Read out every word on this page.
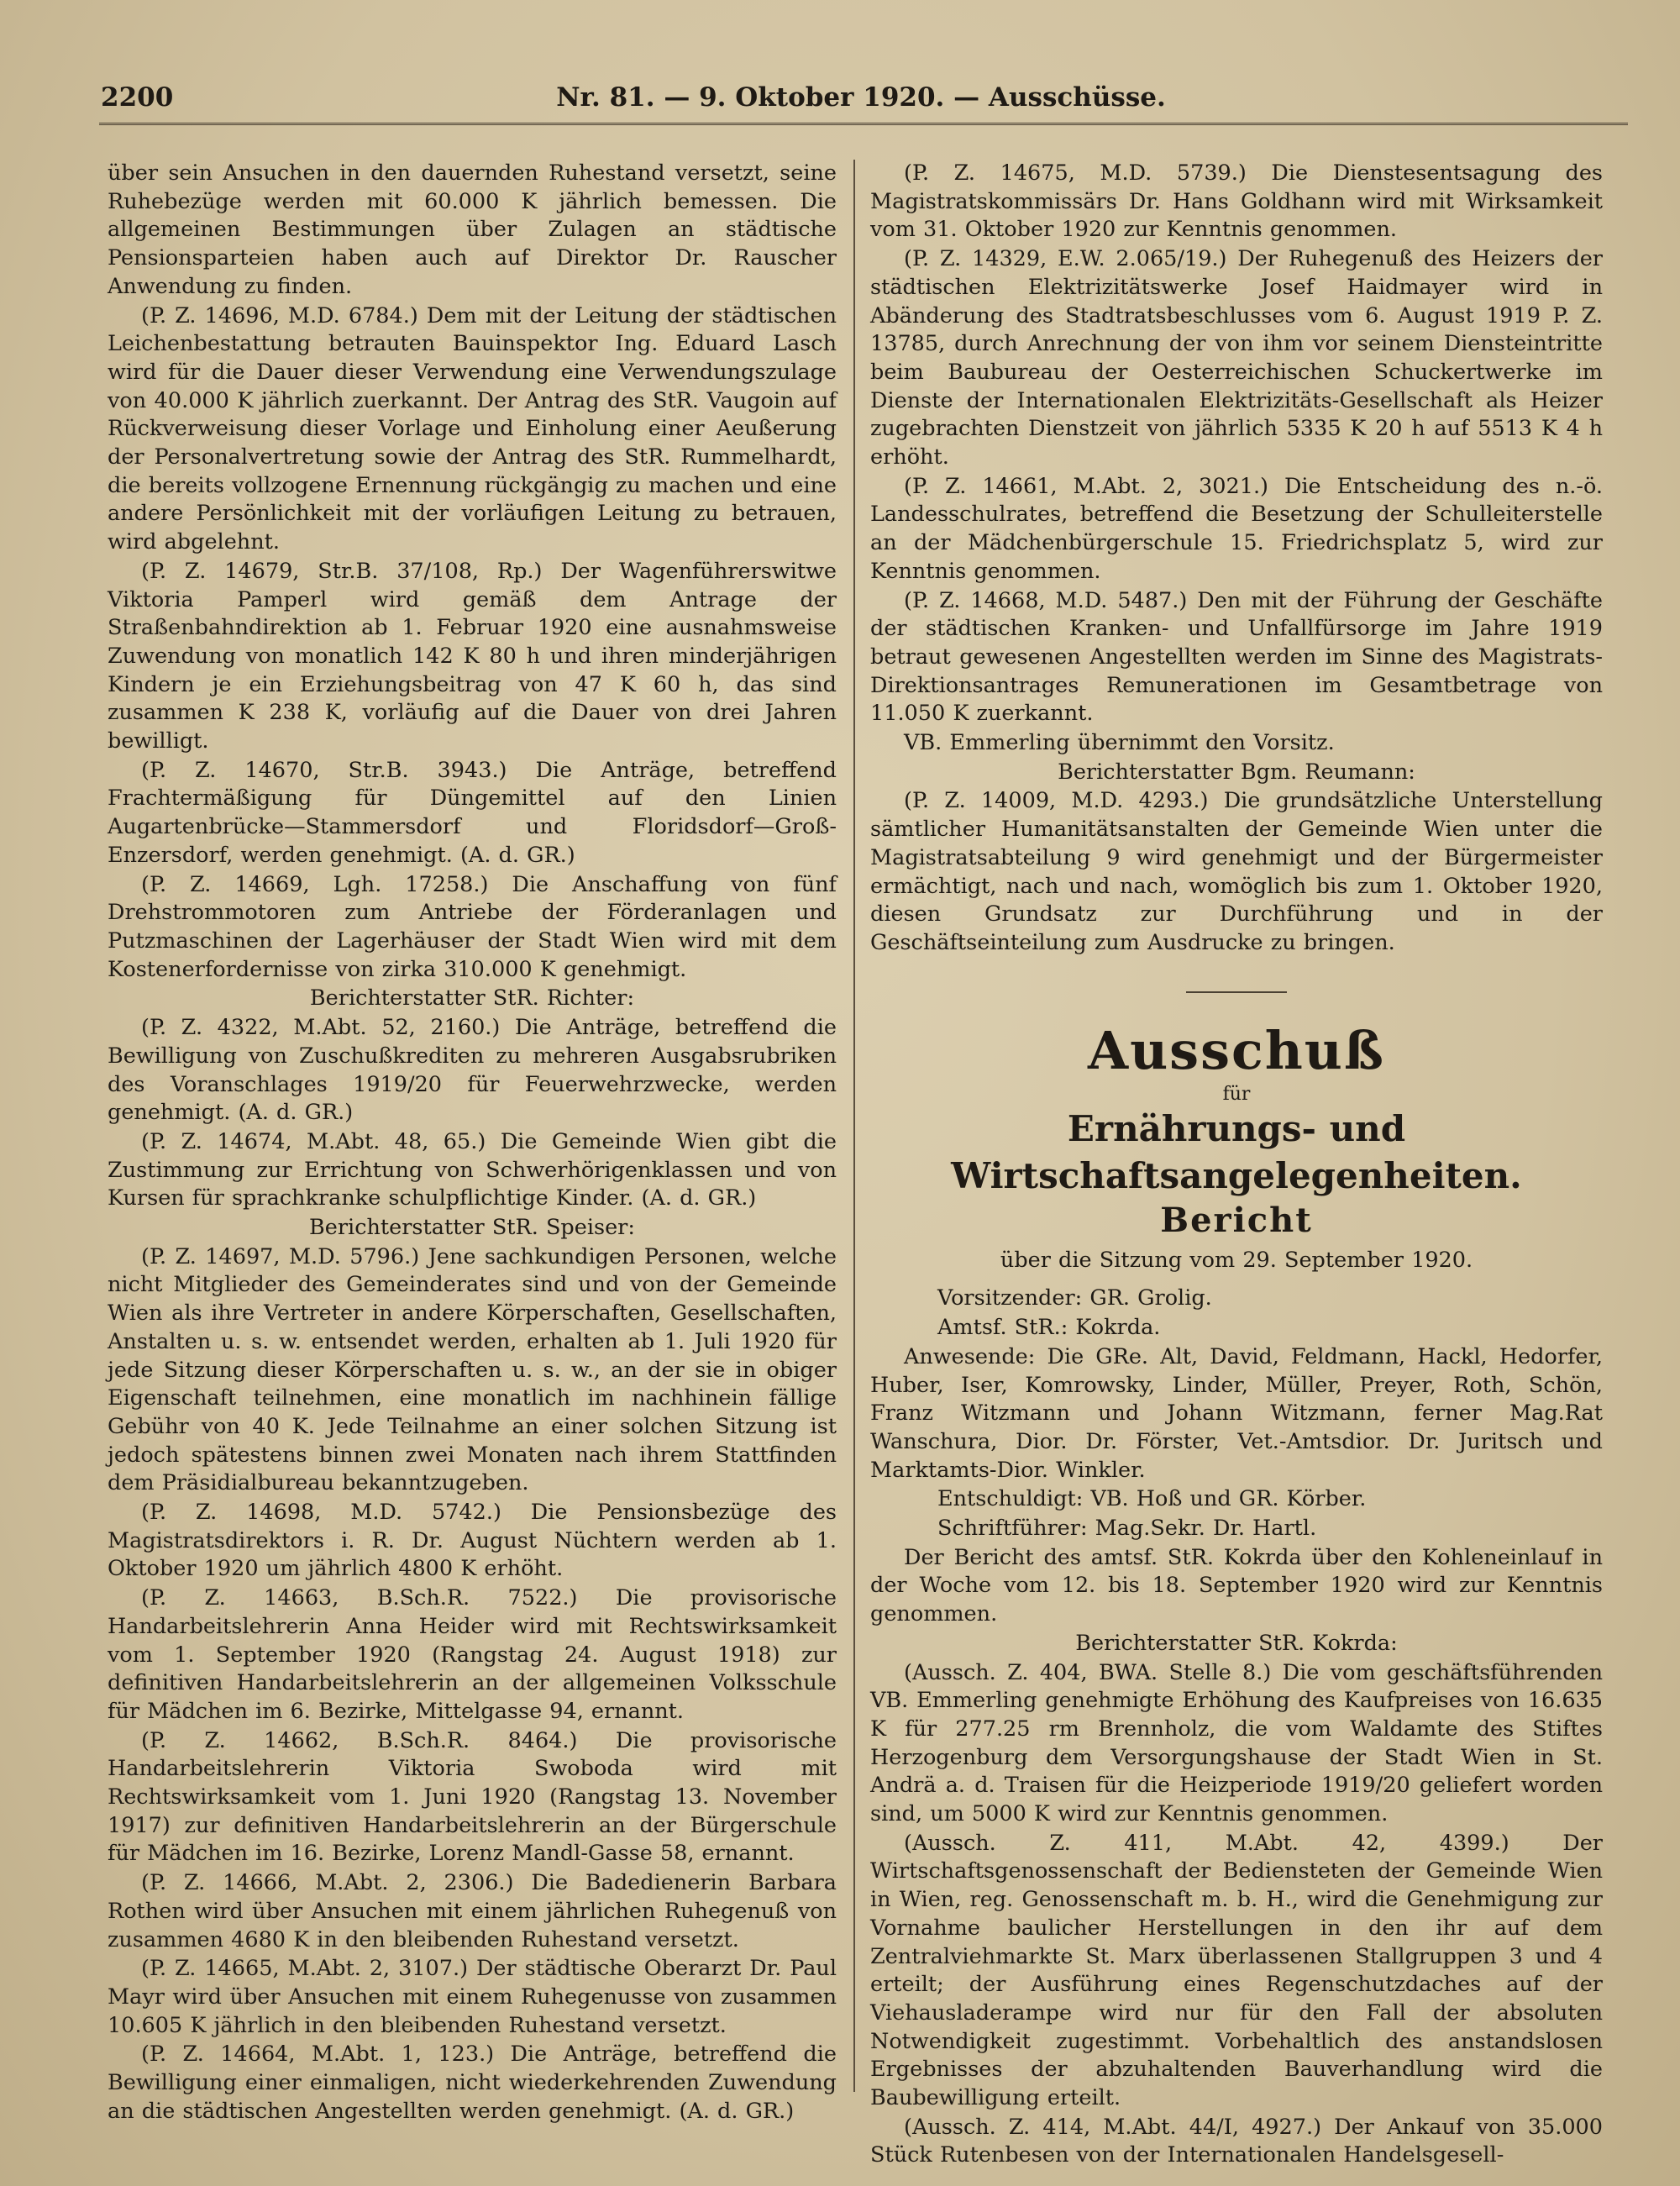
2200	Nr. 81. — 9. Oktober 1920. — Ausschüsse.

über sein Ansuchen in den dauernden Ruhestand versetzt, seine Ruhebezüge werden mit 60.000 K jährlich bemessen. Die allgemeinen Bestimmungen über Zulagen an städtische Pensionsparteien haben auch auf Direktor Dr. Rauscher Anwendung zu finden.

(P. Z. 14696, M.D. 6784.) Dem mit der Leitung der städtischen Leichenbestattung betrauten Bauinspektor Ing. Eduard Lasch wird für die Dauer dieser Verwendung eine Verwendungszulage von 40.000 K jährlich zuerkannt. Der Antrag des StR. Vaugoin auf Rückverweisung dieser Vorlage und Einholung einer Aeußerung der Personalvertretung sowie der Antrag des StR. Rummelhardt, die bereits vollzogene Ernennung rückgängig zu machen und eine andere Persönlichkeit mit der vorläufigen Leitung zu betrauen, wird abgelehnt.

(P. Z. 14679, Str.B. 37/108, Rp.) Der Wagenführerswitwe Viktoria Pamperl wird gemäß dem Antrage der Straßenbahndirektion ab 1. Februar 1920 eine ausnahmsweise Zuwendung von monatlich 142 K 80 h und ihren minderjährigen Kindern je ein Erziehungsbeitrag von 47 K 60 h, das sind zusammen K 238 K, vorläufig auf die Dauer von drei Jahren bewilligt.

(P. Z. 14670, Str.B. 3943.) Die Anträge, betreffend Frachtermäßigung für Düngemittel auf den Linien Augartenbrücke—Stammersdorf und Floridsdorf—Groß-Enzersdorf, werden genehmigt. (A. d. GR.)

(P. Z. 14669, Lgh. 17258.) Die Anschaffung von fünf Drehstrommotoren zum Antriebe der Förderanlagen und Putzmaschinen der Lagerhäuser der Stadt Wien wird mit dem Kostenerfordernisse von zirka 310.000 K genehmigt.

Berichterstatter StR. Richter:

(P. Z. 4322, M.Abt. 52, 2160.) Die Anträge, betreffend die Bewilligung von Zuschußkrediten zu mehreren Ausgabsrubriken des Voranschlages 1919/20 für Feuerwehrzwecke, werden genehmigt. (A. d. GR.)

(P. Z. 14674, M.Abt. 48, 65.) Die Gemeinde Wien gibt die Zustimmung zur Errichtung von Schwerhörigenklassen und von Kursen für sprachkranke schulpflichtige Kinder. (A. d. GR.)

Berichterstatter StR. Speiser:

(P. Z. 14697, M.D. 5796.) Jene sachkundigen Personen, welche nicht Mitglieder des Gemeinderates sind und von der Gemeinde Wien als ihre Vertreter in andere Körperschaften, Gesellschaften, Anstalten u. s. w. entsendet werden, erhalten ab 1. Juli 1920 für jede Sitzung dieser Körperschaften u. s. w., an der sie in obiger Eigenschaft teilnehmen, eine monatlich im nachhinein fällige Gebühr von 40 K. Jede Teilnahme an einer solchen Sitzung ist jedoch spätestens binnen zwei Monaten nach ihrem Stattfinden dem Präsidialbureau bekanntzugeben.

(P. Z. 14698, M.D. 5742.) Die Pensionsbezüge des Magistratsdirektors i. R. Dr. August Nüchtern werden ab 1. Oktober 1920 um jährlich 4800 K erhöht.

(P. Z. 14663, B.Sch.R. 7522.) Die provisorische Handarbeitslehrerin Anna Heider wird mit Rechtswirksamkeit vom 1. September 1920 (Rangstag 24. August 1918) zur definitiven Handarbeitslehrerin an der allgemeinen Volksschule für Mädchen im 6. Bezirke, Mittelgasse 94, ernannt.

(P. Z. 14662, B.Sch.R. 8464.) Die provisorische Handarbeitslehrerin Viktoria Swoboda wird mit Rechtswirksamkeit vom 1. Juni 1920 (Rangstag 13. November 1917) zur definitiven Handarbeitslehrerin an der Bürgerschule für Mädchen im 16. Bezirke, Lorenz Mandl-Gasse 58, ernannt.

(P. Z. 14666, M.Abt. 2, 2306.) Die Badedienerin Barbara Rothen wird über Ansuchen mit einem jährlichen Ruhegenuß von zusammen 4680 K in den bleibenden Ruhestand versetzt.

(P. Z. 14665, M.Abt. 2, 3107.) Der städtische Oberarzt Dr. Paul Mayr wird über Ansuchen mit einem Ruhegenusse von zusammen 10.605 K jährlich in den bleibenden Ruhestand versetzt.

(P. Z. 14664, M.Abt. 1, 123.) Die Anträge, betreffend die Bewilligung einer einmaligen, nicht wiederkehrenden Zuwendung an die städtischen Angestellten werden genehmigt. (A. d. GR.)

(P. Z. 14675, M.D. 5739.) Die Dienstesentsagung des Magistratskommissärs Dr. Hans Goldhann wird mit Wirksamkeit vom 31. Oktober 1920 zur Kenntnis genommen.

(P. Z. 14329, E.W. 2.065/19.) Der Ruhegenuß des Heizers der städtischen Elektrizitätswerke Josef Haidmayer wird in Abänderung des Stadtratsbeschlusses vom 6. August 1919 P. Z. 13785, durch Anrechnung der von ihm vor seinem Diensteintritte beim Baubureau der Oesterreichischen Schuckertwerke im Dienste der Internationalen Elektrizitäts-Gesellschaft als Heizer zugebrachten Dienstzeit von jährlich 5335 K 20 h auf 5513 K 4 h erhöht.

(P. Z. 14661, M.Abt. 2, 3021.) Die Entscheidung des n.-ö. Landesschulrates, betreffend die Besetzung der Schulleiterstelle an der Mädchenbürgerschule 15. Friedrichsplatz 5, wird zur Kenntnis genommen.

(P. Z. 14668, M.D. 5487.) Den mit der Führung der Geschäfte der städtischen Kranken- und Unfallfürsorge im Jahre 1919 betraut gewesenen Angestellten werden im Sinne des Magistrats-Direktionsantrages Remunerationen im Gesamtbetrage von 11.050 K zuerkannt.

VB. Emmerling übernimmt den Vorsitz.

Berichterstatter Bgm. Reumann:

(P. Z. 14009, M.D. 4293.) Die grundsätzliche Unterstellung sämtlicher Humanitätsanstalten der Gemeinde Wien unter die Magistratsabteilung 9 wird genehmigt und der Bürgermeister ermächtigt, nach und nach, womöglich bis zum 1. Oktober 1920, diesen Grundsatz zur Durchführung und in der Geschäftseinteilung zum Ausdrucke zu bringen.

Ausschuß
für
Ernährungs- und Wirtschaftsangelegenheiten.
Bericht
über die Sitzung vom 29. September 1920.

Vorsitzender: GR. Grolig.

Amtsf. StR.: Kokrda.

Anwesende: Die GRe. Alt, David, Feldmann, Hackl, Hedorfer, Huber, Iser, Komrowsky, Linder, Müller, Preyer, Roth, Schön, Franz Witzmann und Johann Witzmann, ferner Mag.Rat Wanschura, Dior. Dr. Förster, Vet.-Amtsdior. Dr. Juritsch und Marktamts-Dior. Winkler.

Entschuldigt: VB. Hoß und GR. Körber.

Schriftführer: Mag.Sekr. Dr. Hartl.

Der Bericht des amtsf. StR. Kokrda über den Kohleneinlauf in der Woche vom 12. bis 18. September 1920 wird zur Kenntnis genommen.

Berichterstatter StR. Kokrda:

(Aussch. Z. 404, BWA. Stelle 8.) Die vom geschäftsführenden VB. Emmerling genehmigte Erhöhung des Kaufpreises von 16.635 K für 277.25 rm Brennholz, die vom Waldamte des Stiftes Herzogenburg dem Versorgungshause der Stadt Wien in St. Andrä a. d. Traisen für die Heizperiode 1919/20 geliefert worden sind, um 5000 K wird zur Kenntnis genommen.

(Aussch. Z. 411, M.Abt. 42, 4399.) Der Wirtschaftsgenossenschaft der Bediensteten der Gemeinde Wien in Wien, reg. Genossenschaft m. b. H., wird die Genehmigung zur Vornahme baulicher Herstellungen in den ihr auf dem Zentralviehmarkte St. Marx überlassenen Stallgruppen 3 und 4 erteilt; der Ausführung eines Regenschutzdaches auf der Viehausladerampe wird nur für den Fall der absoluten Notwendigkeit zugestimmt. Vorbehaltlich des anstandslosen Ergebnisses der abzuhaltenden Bauverhandlung wird die Baubewilligung erteilt.

(Aussch. Z. 414, M.Abt. 44/I, 4927.) Der Ankauf von 35.000 Stück Rutenbesen von der Internationalen Handelsgesell-
